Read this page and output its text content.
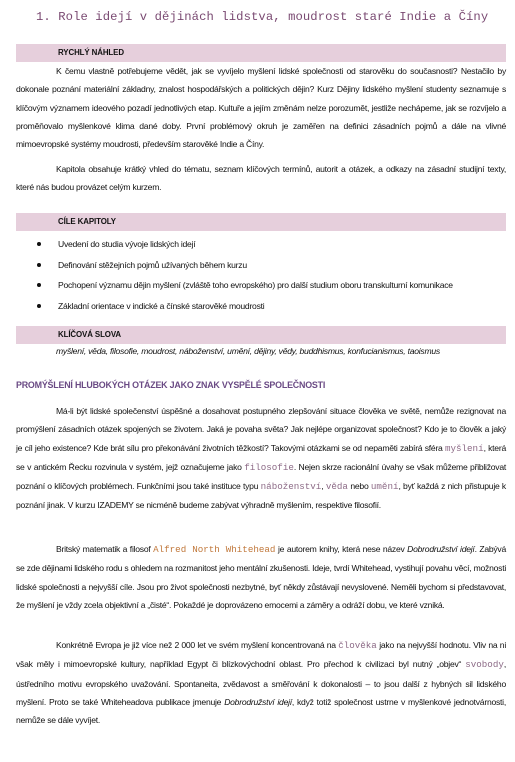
1. Role idejí v dějinách lidstva, moudrost staré Indie a Číny
RYCHLÝ NÁHLED

K čemu vlastně potřebujeme vědět, jak se vyvíjelo myšlení lidské společnosti od starověku do současnosti? Nestačilo by dokonale poznání materiální základny, znalost hospodářských a politických dějin? Kurz Dějiny lidského myšlení studenty seznamuje s klíčovým významem ideového pozadí jednotlivých etap. Kultuře a jejím změnám nelze porozumět, jestliže nechápeme, jak se rozvíjelo a proměňovalo myšlenkové klima dané doby. První problémový okruh je zaměřen na definici zásadních pojmů a dále na vlivné mimoevropské systémy moudrosti, především starověké Indie a Číny.

Kapitola obsahuje krátký vhled do tématu, seznam klíčových termínů, autorit a otázek, a odkazy na zásadní studijní texty, které nás budou provázet celým kurzem.

CÍLE KAPITOLY
Uvedení do studia vývoje lidských idejí
Definování stěžejních pojmů užívaných během kurzu
Pochopení významu dějin myšlení (zvláště toho evropského) pro další studium oboru transkulturní komunikace
Základní orientace v indické a čínské starověké moudrosti
KLÍČOVÁ SLOVA
myšlení, věda, filosofie, moudrost, náboženství, umění, dějiny, vědy, buddhismus, konfucianismus, taoismus
PROMÝŠLENÍ HLUBOKÝCH OTÁZEK JAKO ZNAK VYSPĚLÉ SPOLEČNOSTI

Má-li být lidské společenství úspěšné a dosahovat postupného zlepšování situace člověka ve světě, nemůže rezignovat na promýšlení zásadních otázek spojených se životem. Jaká je povaha světa? Jak nejlépe organizovat společnost? Kdo je to člověk a jaký je cíl jeho existence? Kde brát sílu pro překonávání životních těžkostí? Takovými otázkami se od nepaměti zabírá sféra myšlení, která se v antickém Řecku rozvinula v systém, jejž označujeme jako filosofie. Nejen skrze racionální úvahy se však můžeme přibližovat poznání o klíčových problémech. Funkčními jsou také instituce typu náboženství, věda nebo umění, byť každá z nich přistupuje k poznání jinak. V kurzu IZADEMY se nicméně budeme zabývat výhradně myšlením, respektive filosofií.

Britský matematik a filosof Alfred North Whitehead je autorem knihy, která nese název Dobrodružství idejí. Zabývá se zde dějinami lidského rodu s ohledem na rozmanitost jeho mentální zkušenosti. Ideje, tvrdí Whitehead, vystihují povahu věcí, možnosti lidské společnosti a nejvyšší cíle. Jsou pro život společnosti nezbytné, byť někdy zůstávají nevyslovené. Neměli bychom si představovat, že myšlení je vždy zcela objektivní a „čisté“. Pokaždé je doprovázeno emocemi a záměry a odráží dobu, ve které vzniká.

Konkrétně Evropa je již více než 2 000 let ve svém myšlení koncentrovaná na člověka jako na nejvyšší hodnotu. Vliv na ni však měly i mimoevropské kultury, například Egypt či blízkovýchodní oblast. Pro přechod k civilizaci byl nutný „objev“ svobody, ústředního motivu evropského uvažování. Spontaneita, zvědavost a směřování k dokonalosti – to jsou další z hybných sil lidského myšlení. Proto se také Whiteheadova publikace jmenuje Dobrodružství idejí, když totiž společnost ustrne v myšlenkové jednotvárnosti, nemůže se dále vyvíjet.
